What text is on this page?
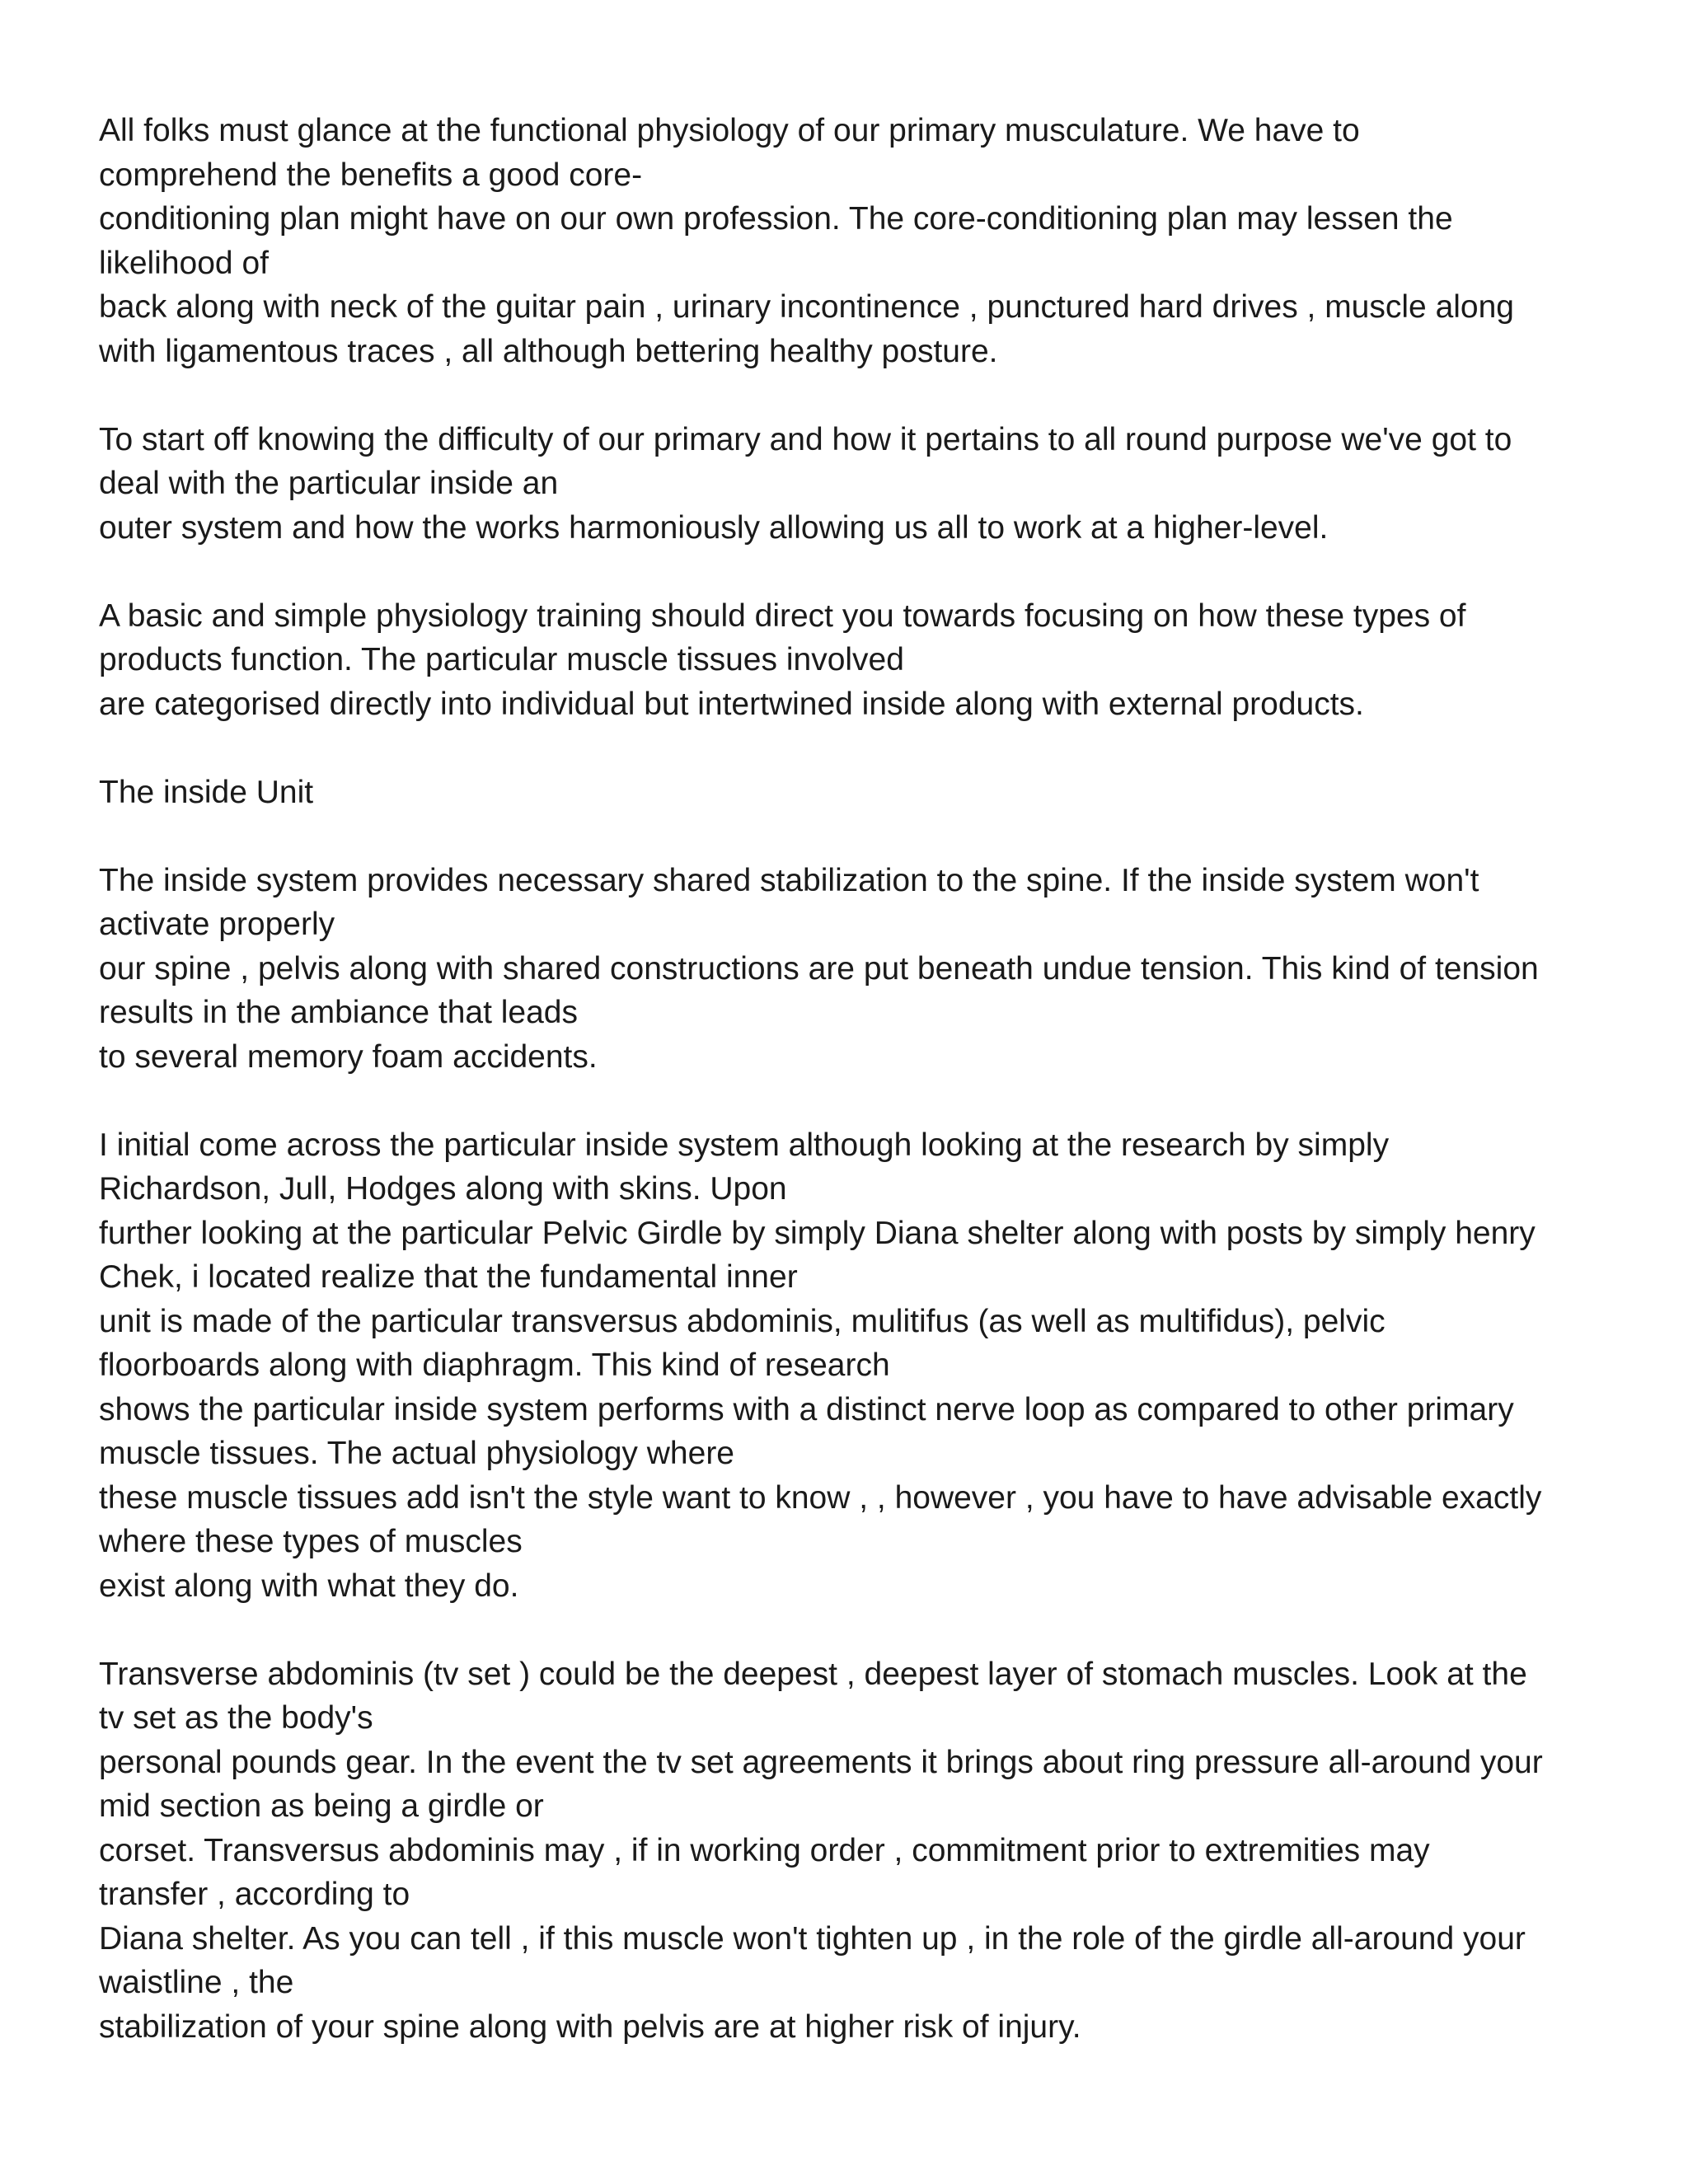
All folks must glance at the functional physiology of our primary musculature. We have to
comprehend the benefits a good core-
conditioning plan might have on our own profession. The core-conditioning plan may lessen the
likelihood of
back along with neck of the guitar pain , urinary incontinence , punctured hard drives , muscle along
with ligamentous traces , all although bettering healthy posture.
To start off knowing the difficulty of our primary and how it pertains to all round purpose we've got to
deal with the particular inside an
outer system and how the works harmoniously allowing us all to work at a higher-level.
A basic and simple physiology training should direct you towards focusing on how these types of
products function. The particular muscle tissues involved
are categorised directly into individual but intertwined inside along with external products.
The inside Unit
The inside system provides necessary shared stabilization to the spine. If the inside system won't
activate properly
our spine , pelvis along with shared constructions are put beneath undue tension. This kind of tension
results in the ambiance that leads
to several memory foam accidents.
I initial come across the particular inside system although looking at the research by simply
Richardson, Jull, Hodges along with skins. Upon
further looking at the particular Pelvic Girdle by simply Diana shelter along with posts by simply henry
Chek, i located realize that the fundamental inner
unit is made of the particular transversus abdominis, mulitifus (as well as multifidus), pelvic
floorboards along with diaphragm. This kind of research
shows the particular inside system performs with a distinct nerve loop as compared to other primary
muscle tissues. The actual physiology where
these muscle tissues add isn't the style want to know , , however , you have to have advisable exactly
where these types of muscles
exist along with what they do.
Transverse abdominis (tv set ) could be the deepest , deepest layer of stomach muscles. Look at the
tv set as the body's
personal pounds gear. In the event the tv set agreements it brings about ring pressure all-around your
mid section as being a girdle or
corset. Transversus abdominis may , if in working order , commitment prior to extremities may
transfer , according to
Diana shelter. As you can tell , if this muscle won't tighten up , in the role of the girdle all-around your
waistline , the
stabilization of your spine along with pelvis are at higher risk of injury.
